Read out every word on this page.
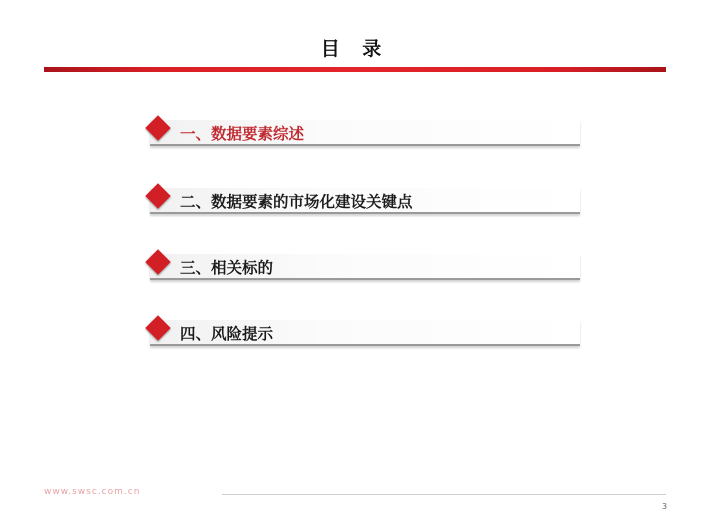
目 录
一、数据要素综述
二、数据要素的市场化建设关键点
三、相关标的
四、风险提示
www.swsc.com.cn
3
